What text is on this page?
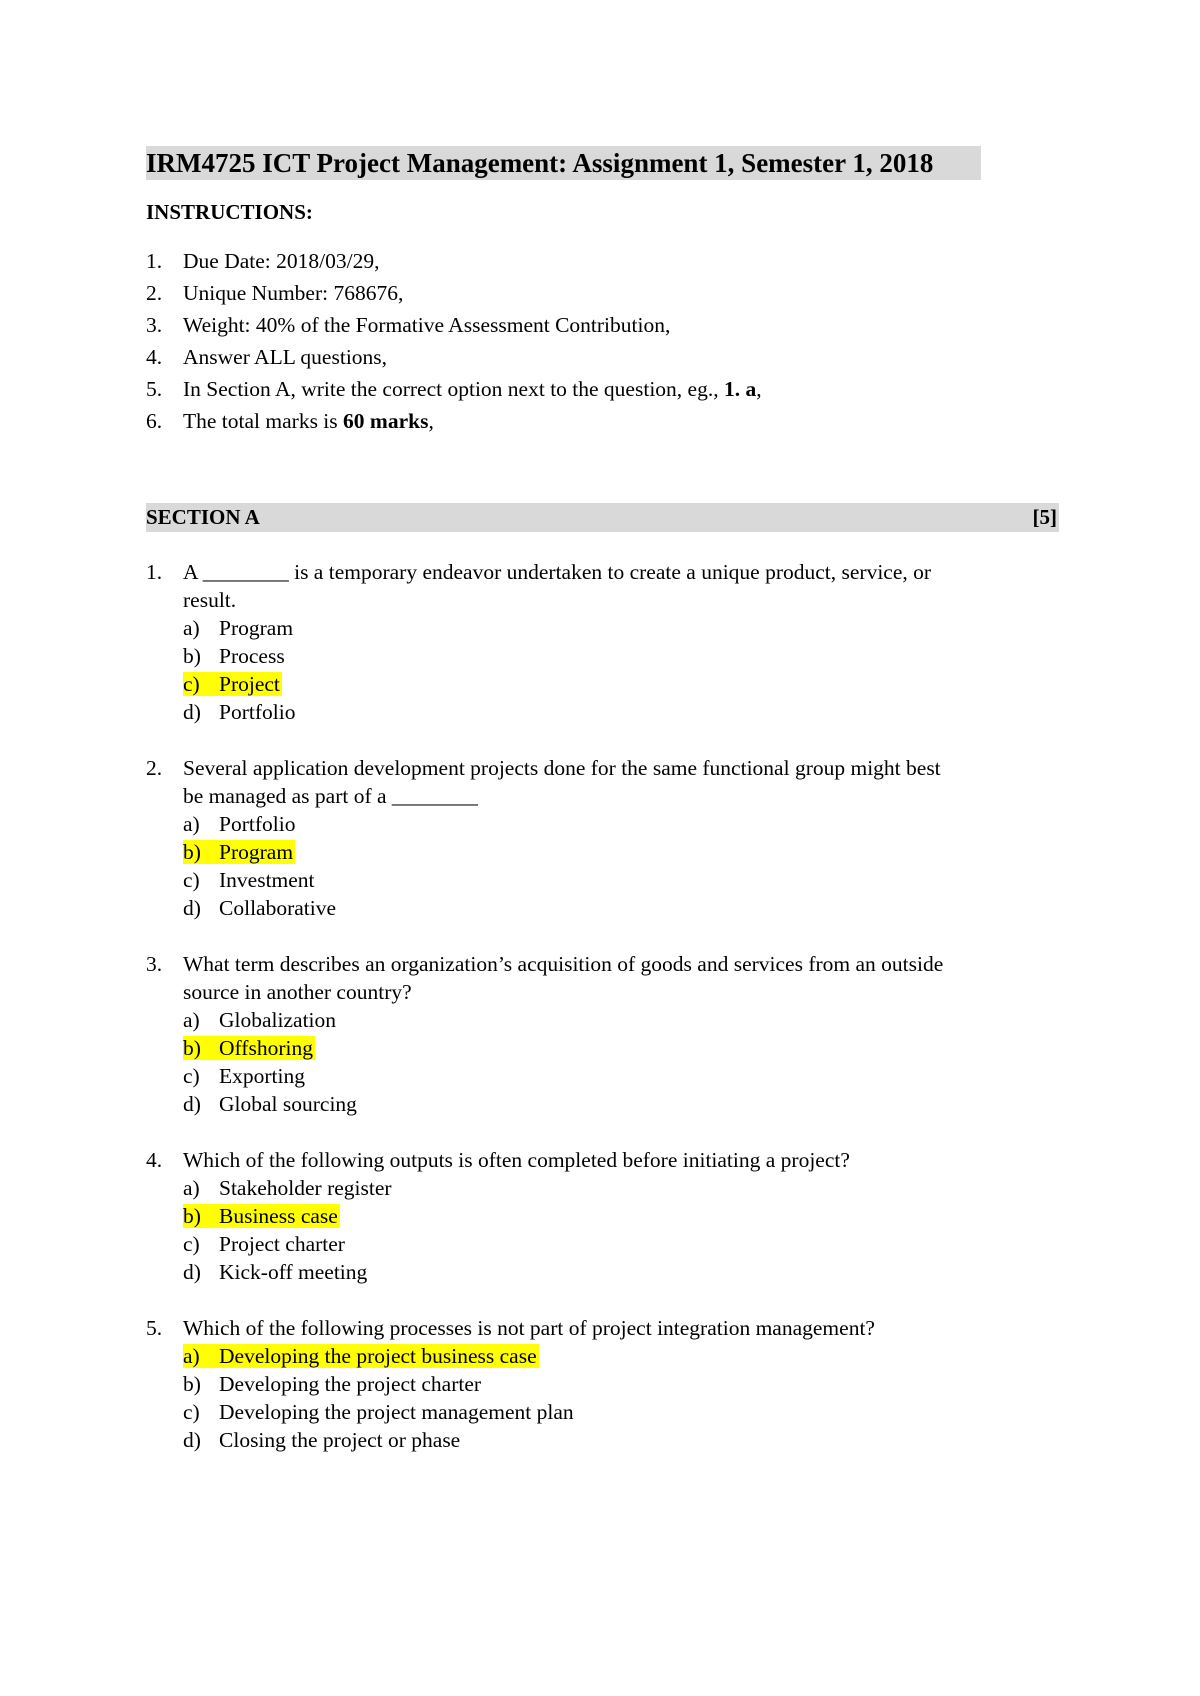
IRM4725 ICT Project Management: Assignment 1, Semester 1, 2018
INSTRUCTIONS:
1. Due Date: 2018/03/29,
2. Unique Number: 768676,
3. Weight: 40% of the Formative Assessment Contribution,
4. Answer ALL questions,
5. In Section A, write the correct option next to the question, eg., 1. a,
6. The total marks is 60 marks,
SECTION A	[5]
1. A ________ is a temporary endeavor undertaken to create a unique product, service, or
result.
a) Program
b) Process
c) Project
d) Portfolio
2. Several application development projects done for the same functional group might best
be managed as part of a ________
a) Portfolio
b) Program
c) Investment
d) Collaborative
3. What term describes an organization’s acquisition of goods and services from an outside
source in another country?
a) Globalization
b) Offshoring
c) Exporting
d) Global sourcing
4. Which of the following outputs is often completed before initiating a project?
a) Stakeholder register
b) Business case
c) Project charter
d) Kick-off meeting
5. Which of the following processes is not part of project integration management?
a) Developing the project business case
b) Developing the project charter
c) Developing the project management plan
d) Closing the project or phase
